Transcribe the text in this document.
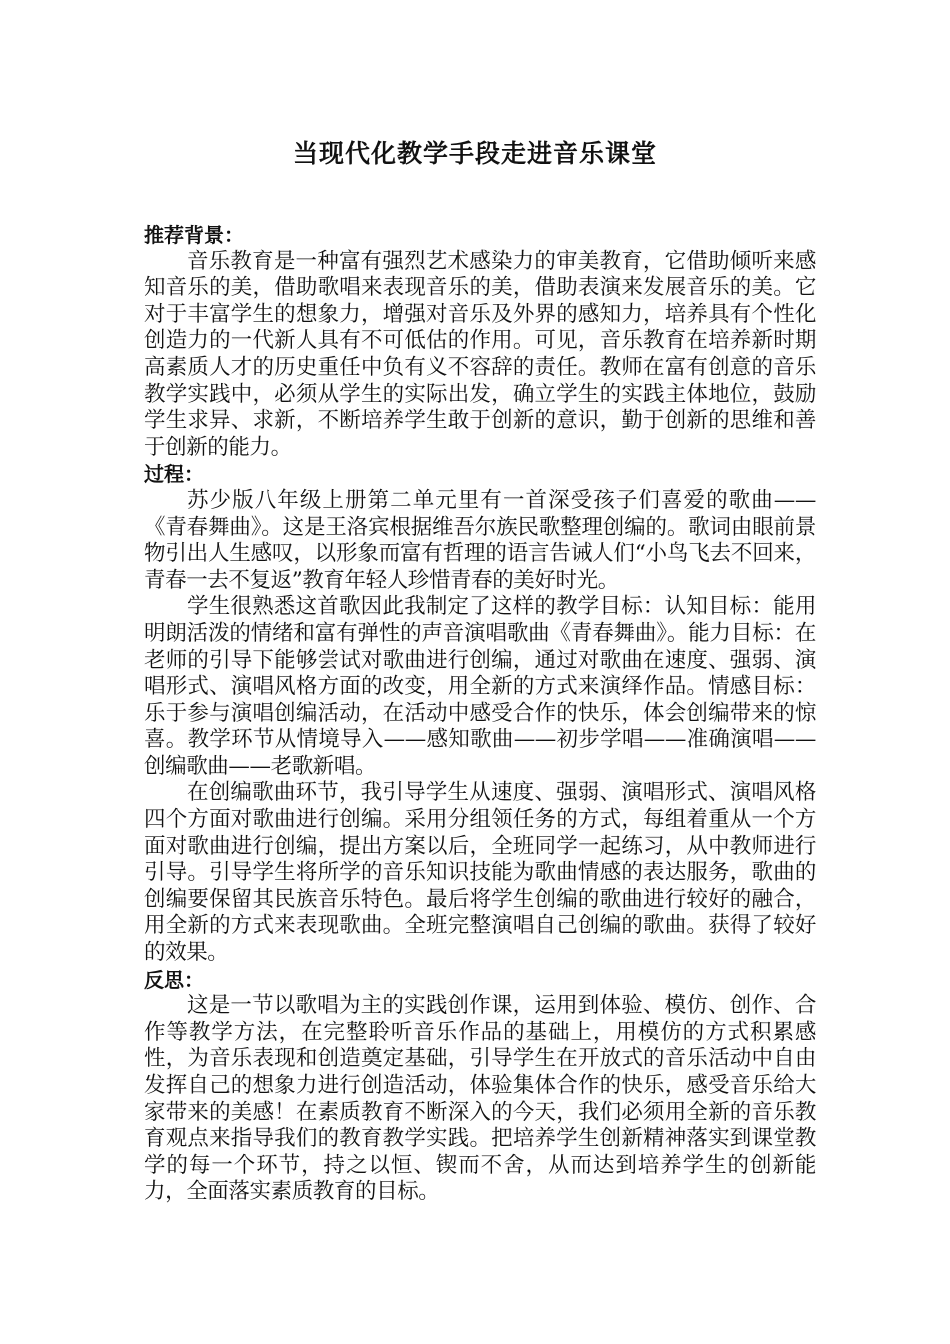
当现代化教学手段走进音乐课堂

推荐背景：

音乐教育是一种富有强烈艺术感染力的审美教育，它借助倾听来感知音乐的美，借助歌唱来表现音乐的美，借助表演来发展音乐的美。它对于丰富学生的想象力，增强对音乐及外界的感知力，培养具有个性化创造力的一代新人具有不可低估的作用。可见，音乐教育在培养新时期高素质人才的历史重任中负有义不容辞的责任。教师在富有创意的音乐教学实践中，必须从学生的实际出发，确立学生的实践主体地位，鼓励学生求异、求新，不断培养学生敢于创新的意识，勤于创新的思维和善于创新的能力。

过程：

苏少版八年级上册第二单元里有一首深受孩子们喜爱的歌曲——《青春舞曲》。这是王洛宾根据维吾尔族民歌整理创编的。歌词由眼前景物引出人生感叹，以形象而富有哲理的语言告诫人们“小鸟飞去不回来，青春一去不复返”教育年轻人珍惜青春的美好时光。

学生很熟悉这首歌因此我制定了这样的教学目标：认知目标：能用明朗活泼的情绪和富有弹性的声音演唱歌曲《青春舞曲》。能力目标：在老师的引导下能够尝试对歌曲进行创编，通过对歌曲在速度、强弱、演唱形式、演唱风格方面的改变，用全新的方式来演绎作品。情感目标：乐于参与演唱创编活动，在活动中感受合作的快乐，体会创编带来的惊喜。教学环节从情境导入——感知歌曲——初步学唱——准确演唱——创编歌曲——老歌新唱。

在创编歌曲环节，我引导学生从速度、强弱、演唱形式、演唱风格四个方面对歌曲进行创编。采用分组领任务的方式，每组着重从一个方面对歌曲进行创编，提出方案以后，全班同学一起练习，从中教师进行引导。引导学生将所学的音乐知识技能为歌曲情感的表达服务，歌曲的创编要保留其民族音乐特色。最后将学生创编的歌曲进行较好的融合，用全新的方式来表现歌曲。全班完整演唱自己创编的歌曲。获得了较好的效果。

反思：

这是一节以歌唱为主的实践创作课，运用到体验、模仿、创作、合作等教学方法，在完整聆听音乐作品的基础上，用模仿的方式积累感性，为音乐表现和创造奠定基础，引导学生在开放式的音乐活动中自由发挥自己的想象力进行创造活动，体验集体合作的快乐，感受音乐给大家带来的美感！在素质教育不断深入的今天，我们必须用全新的音乐教育观点来指导我们的教育教学实践。把培养学生创新精神落实到课堂教学的每一个环节，持之以恒、锲而不舍，从而达到培养学生的创新能力，全面落实素质教育的目标。
